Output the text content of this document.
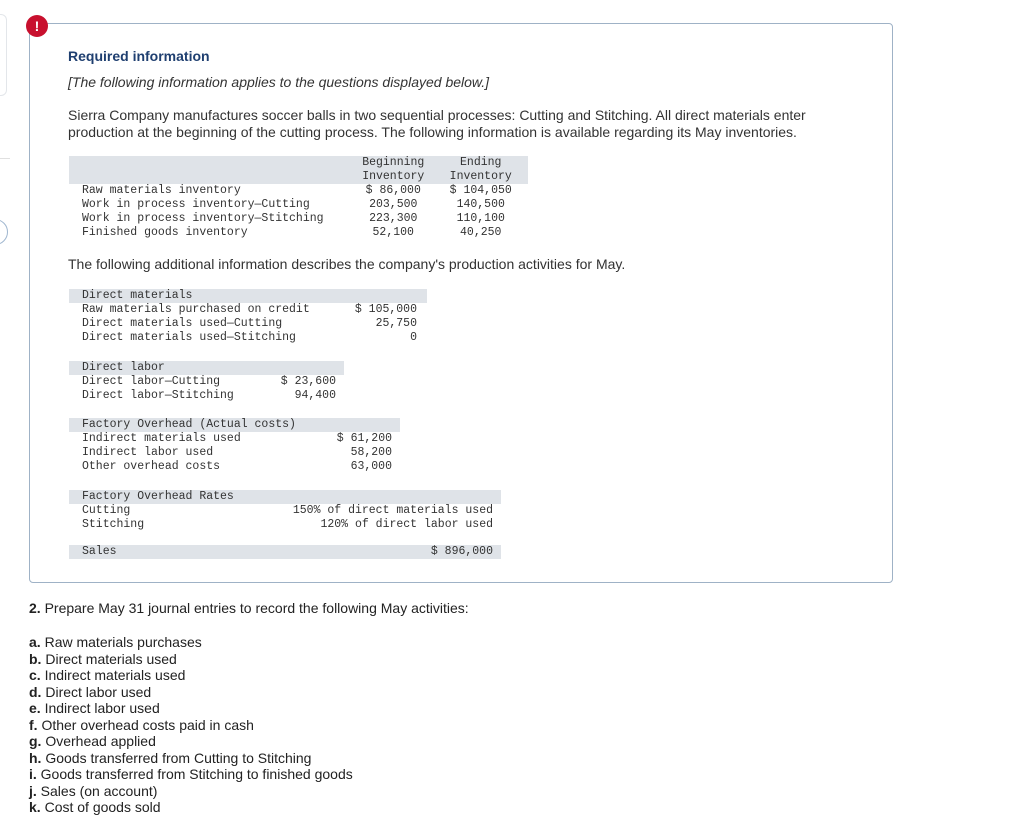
Required information
[The following information applies to the questions displayed below.]
Sierra Company manufactures soccer balls in two sequential processes: Cutting and Stitching. All direct materials enter production at the beginning of the cutting process. The following information is available regarding its May inventories.
	Beginning	Ending
	Inventory	Inventory
Raw materials inventory	$ 86,000	$ 104,050
Work in process inventory—Cutting	203,500	140,500
Work in process inventory—Stitching	223,300	110,100
Finished goods inventory	52,100	40,250
The following additional information describes the company's production activities for May.
Direct materials	
Raw materials purchased on credit	$ 105,000
Direct materials used—Cutting	25,750
Direct materials used—Stitching	0
Direct labor	
Direct labor—Cutting	$ 23,600
Direct labor—Stitching	94,400
Factory Overhead (Actual costs)	
Indirect materials used	$ 61,200
Indirect labor used	58,200
Other overhead costs	63,000
Factory Overhead Rates	
Cutting	150% of direct materials used
Stitching	120% of direct labor used
Sales	$ 896,000
!
2. Prepare May 31 journal entries to record the following May activities:
a. Raw materials purchases
b. Direct materials used
c. Indirect materials used
d. Direct labor used
e. Indirect labor used
f. Other overhead costs paid in cash
g. Overhead applied
h. Goods transferred from Cutting to Stitching
i. Goods transferred from Stitching to finished goods
j. Sales (on account)
k. Cost of goods sold
